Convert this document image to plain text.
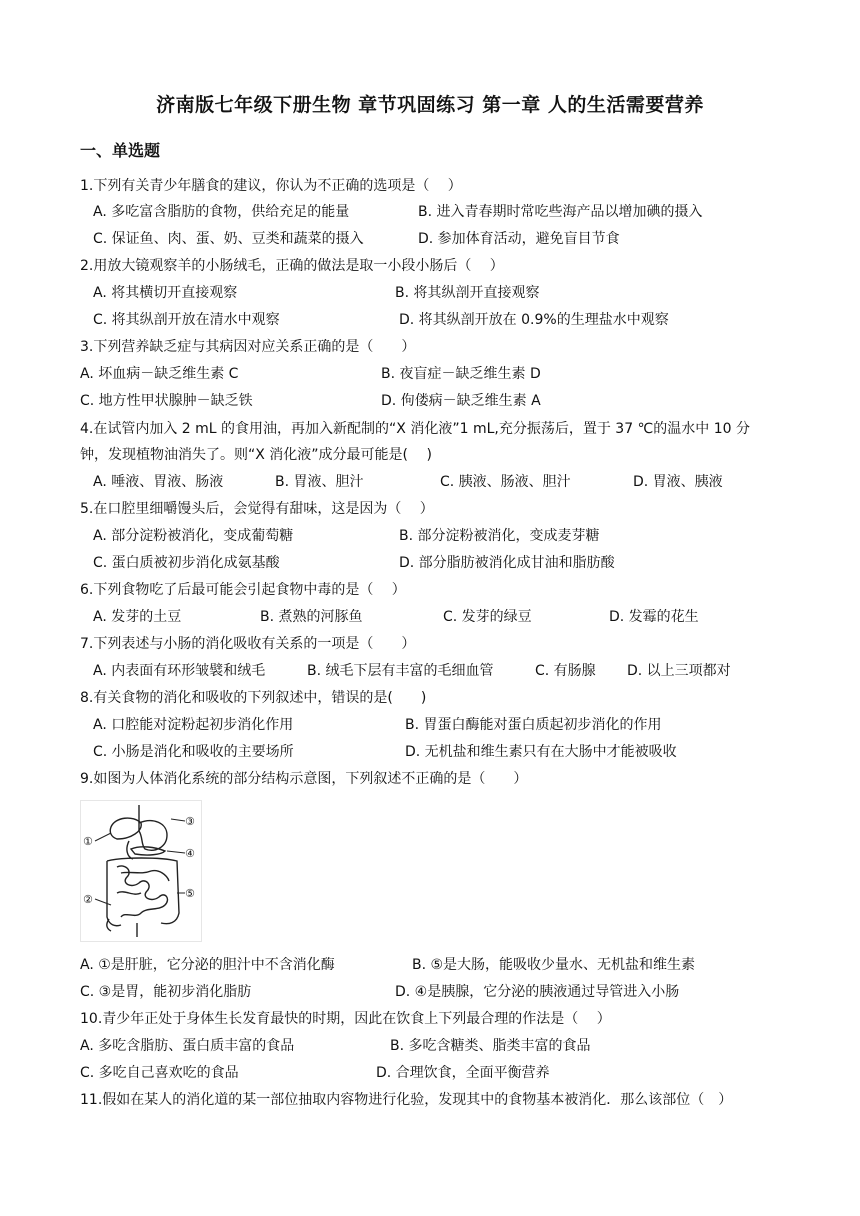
济南版七年级下册生物 章节巩固练习 第一章 人的生活需要营养
一、单选题
1.下列有关青少年膳食的建议，你认为不正确的选项是（　 ）
A. 多吃富含脂肪的食物，供给充足的能量	B. 进入青春期时常吃些海产品以增加碘的摄入
C. 保证鱼、肉、蛋、奶、豆类和蔬菜的摄入	D. 参加体育活动，避免盲目节食
2.用放大镜观察羊的小肠绒毛，正确的做法是取一小段小肠后（　 ）
A. 将其横切开直接观察	B. 将其纵剖开直接观察
C. 将其纵剖开放在清水中观察	D. 将其纵剖开放在 0.9%的生理盐水中观察
3.下列营养缺乏症与其病因对应关系正确的是（　　）
A. 坏血病－缺乏维生素 C	B. 夜盲症－缺乏维生素 D
C. 地方性甲状腺肿－缺乏铁	D. 佝偻病－缺乏维生素 A
4.在试管内加入 2 mL 的食用油，再加入新配制的“X 消化液”1 mL,充分振荡后，置于 37 ℃的温水中 10 分
钟，发现植物油消失了。则“X 消化液”成分最可能是(　 )
A. 唾液、胃液、肠液	B. 胃液、胆汁	C. 胰液、肠液、胆汁	D. 胃液、胰液
5.在口腔里细嚼馒头后，会觉得有甜味，这是因为（　 ）
A. 部分淀粉被消化，变成葡萄糖	B. 部分淀粉被消化，变成麦芽糖
C. 蛋白质被初步消化成氨基酸	D. 部分脂肪被消化成甘油和脂肪酸
6.下列食物吃了后最可能会引起食物中毒的是（　 ）
A. 发芽的土豆	B. 煮熟的河豚鱼	C. 发芽的绿豆	D. 发霉的花生
7.下列表述与小肠的消化吸收有关系的一项是（　　）
A. 内表面有环形皱襞和绒毛	B. 绒毛下层有丰富的毛细血管	C. 有肠腺 D. 以上三项都对
8.有关食物的消化和吸收的下列叙述中，错误的是(　　)
A. 口腔能对淀粉起初步消化作用	B. 胃蛋白酶能对蛋白质起初步消化的作用
C. 小肠是消化和吸收的主要场所	D. 无机盐和维生素只有在大肠中才能被吸收
9.如图为人体消化系统的部分结构示意图，下列叙述不正确的是（　　）
①
②
③
④
⑤
A. ①是肝脏，它分泌的胆汁中不含消化酶	B. ⑤是大肠，能吸收少量水、无机盐和维生素
C. ③是胃，能初步消化脂肪	D. ④是胰腺，它分泌的胰液通过导管进入小肠
10.青少年正处于身体生长发育最快的时期，因此在饮食上下列最合理的作法是（　 ）
A. 多吃含脂肪、蛋白质丰富的食品	B. 多吃含糖类、脂类丰富的食品
C. 多吃自己喜欢吃的食品	D. 合理饮食，全面平衡营养
11.假如在某人的消化道的某一部位抽取内容物进行化验，发现其中的食物基本被消化．那么该部位（　）
